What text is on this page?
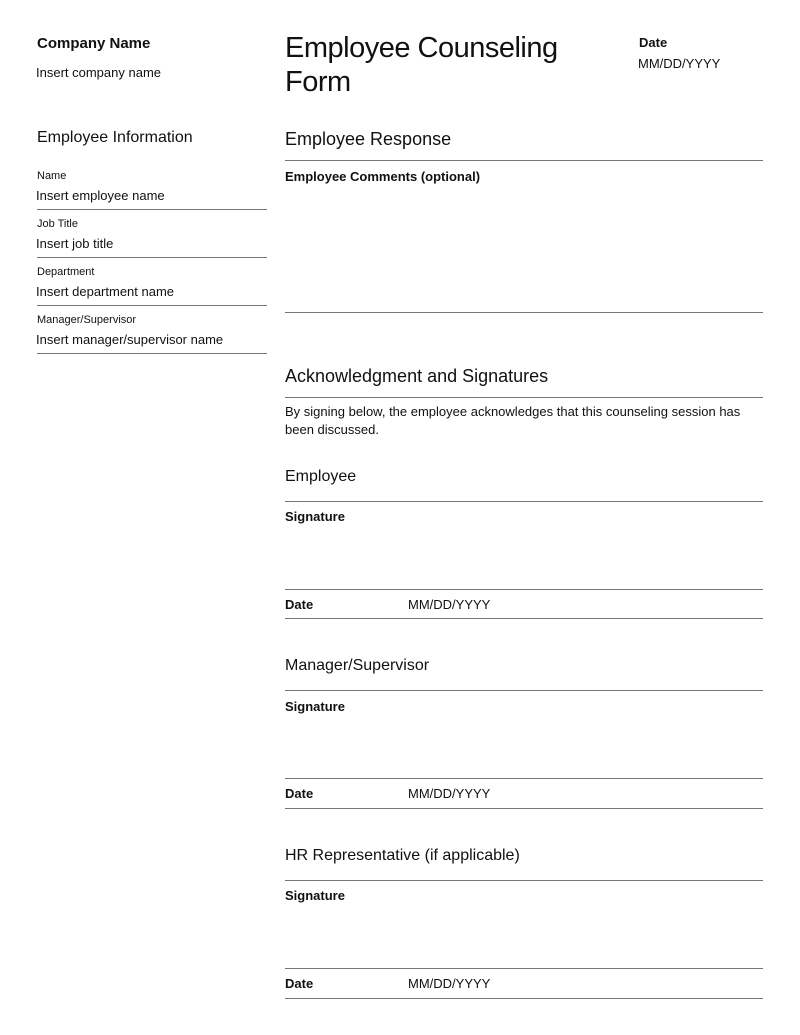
Company Name
Insert company name
Employee Counseling Form
Date
MM/DD/YYYY
Employee Information
Name
Insert employee name
Job Title
Insert job title
Department
Insert department name
Manager/Supervisor
Insert manager/supervisor name
Employee Response
Employee Comments (optional)
Acknowledgment and Signatures
By signing below, the employee acknowledges that this counseling session has been discussed.
Employee
Signature
Date	MM/DD/YYYY
Manager/Supervisor
Signature
Date	MM/DD/YYYY
HR Representative (if applicable)
Signature
Date	MM/DD/YYYY
